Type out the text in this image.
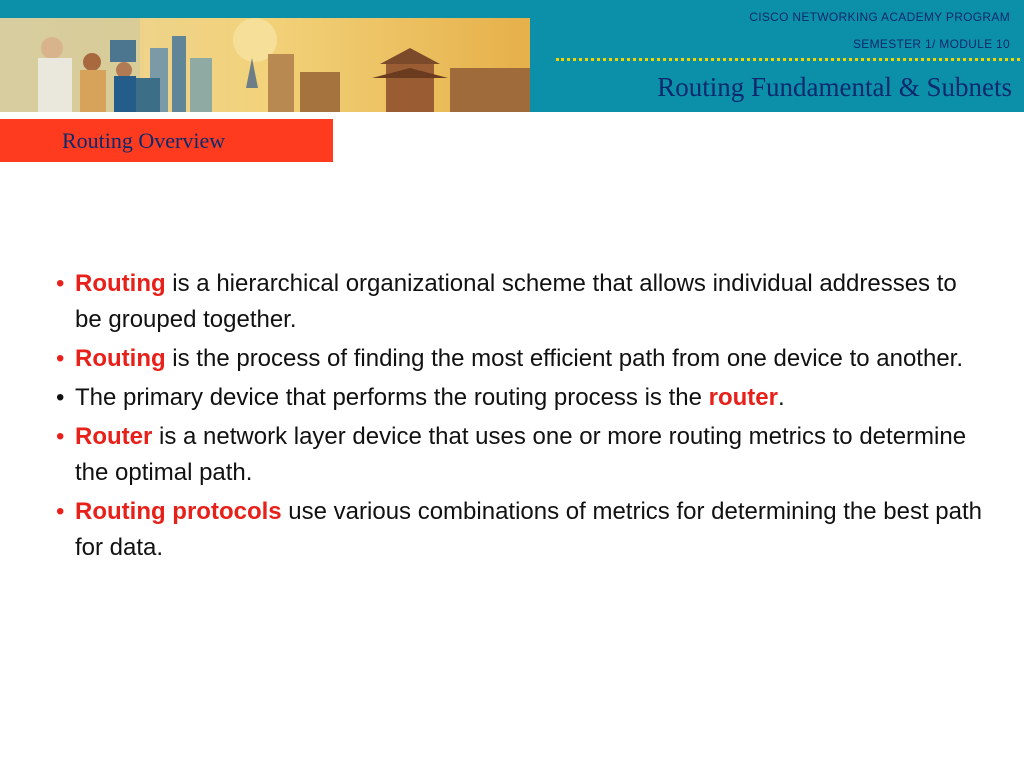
CISCO NETWORKING ACADEMY PROGRAM
SEMESTER 1/ MODULE 10
Routing Fundamental & Subnets
Routing Overview
• Routing is a hierarchical organizational scheme that allows individual addresses to be grouped together.
• Routing is the process of finding the most efficient path from one device to another.
• The primary device that performs the routing process is the router.
• Router is a network layer device that uses one or more routing metrics to determine the optimal path.
• Routing protocols use various combinations of metrics for determining the best path for data.
